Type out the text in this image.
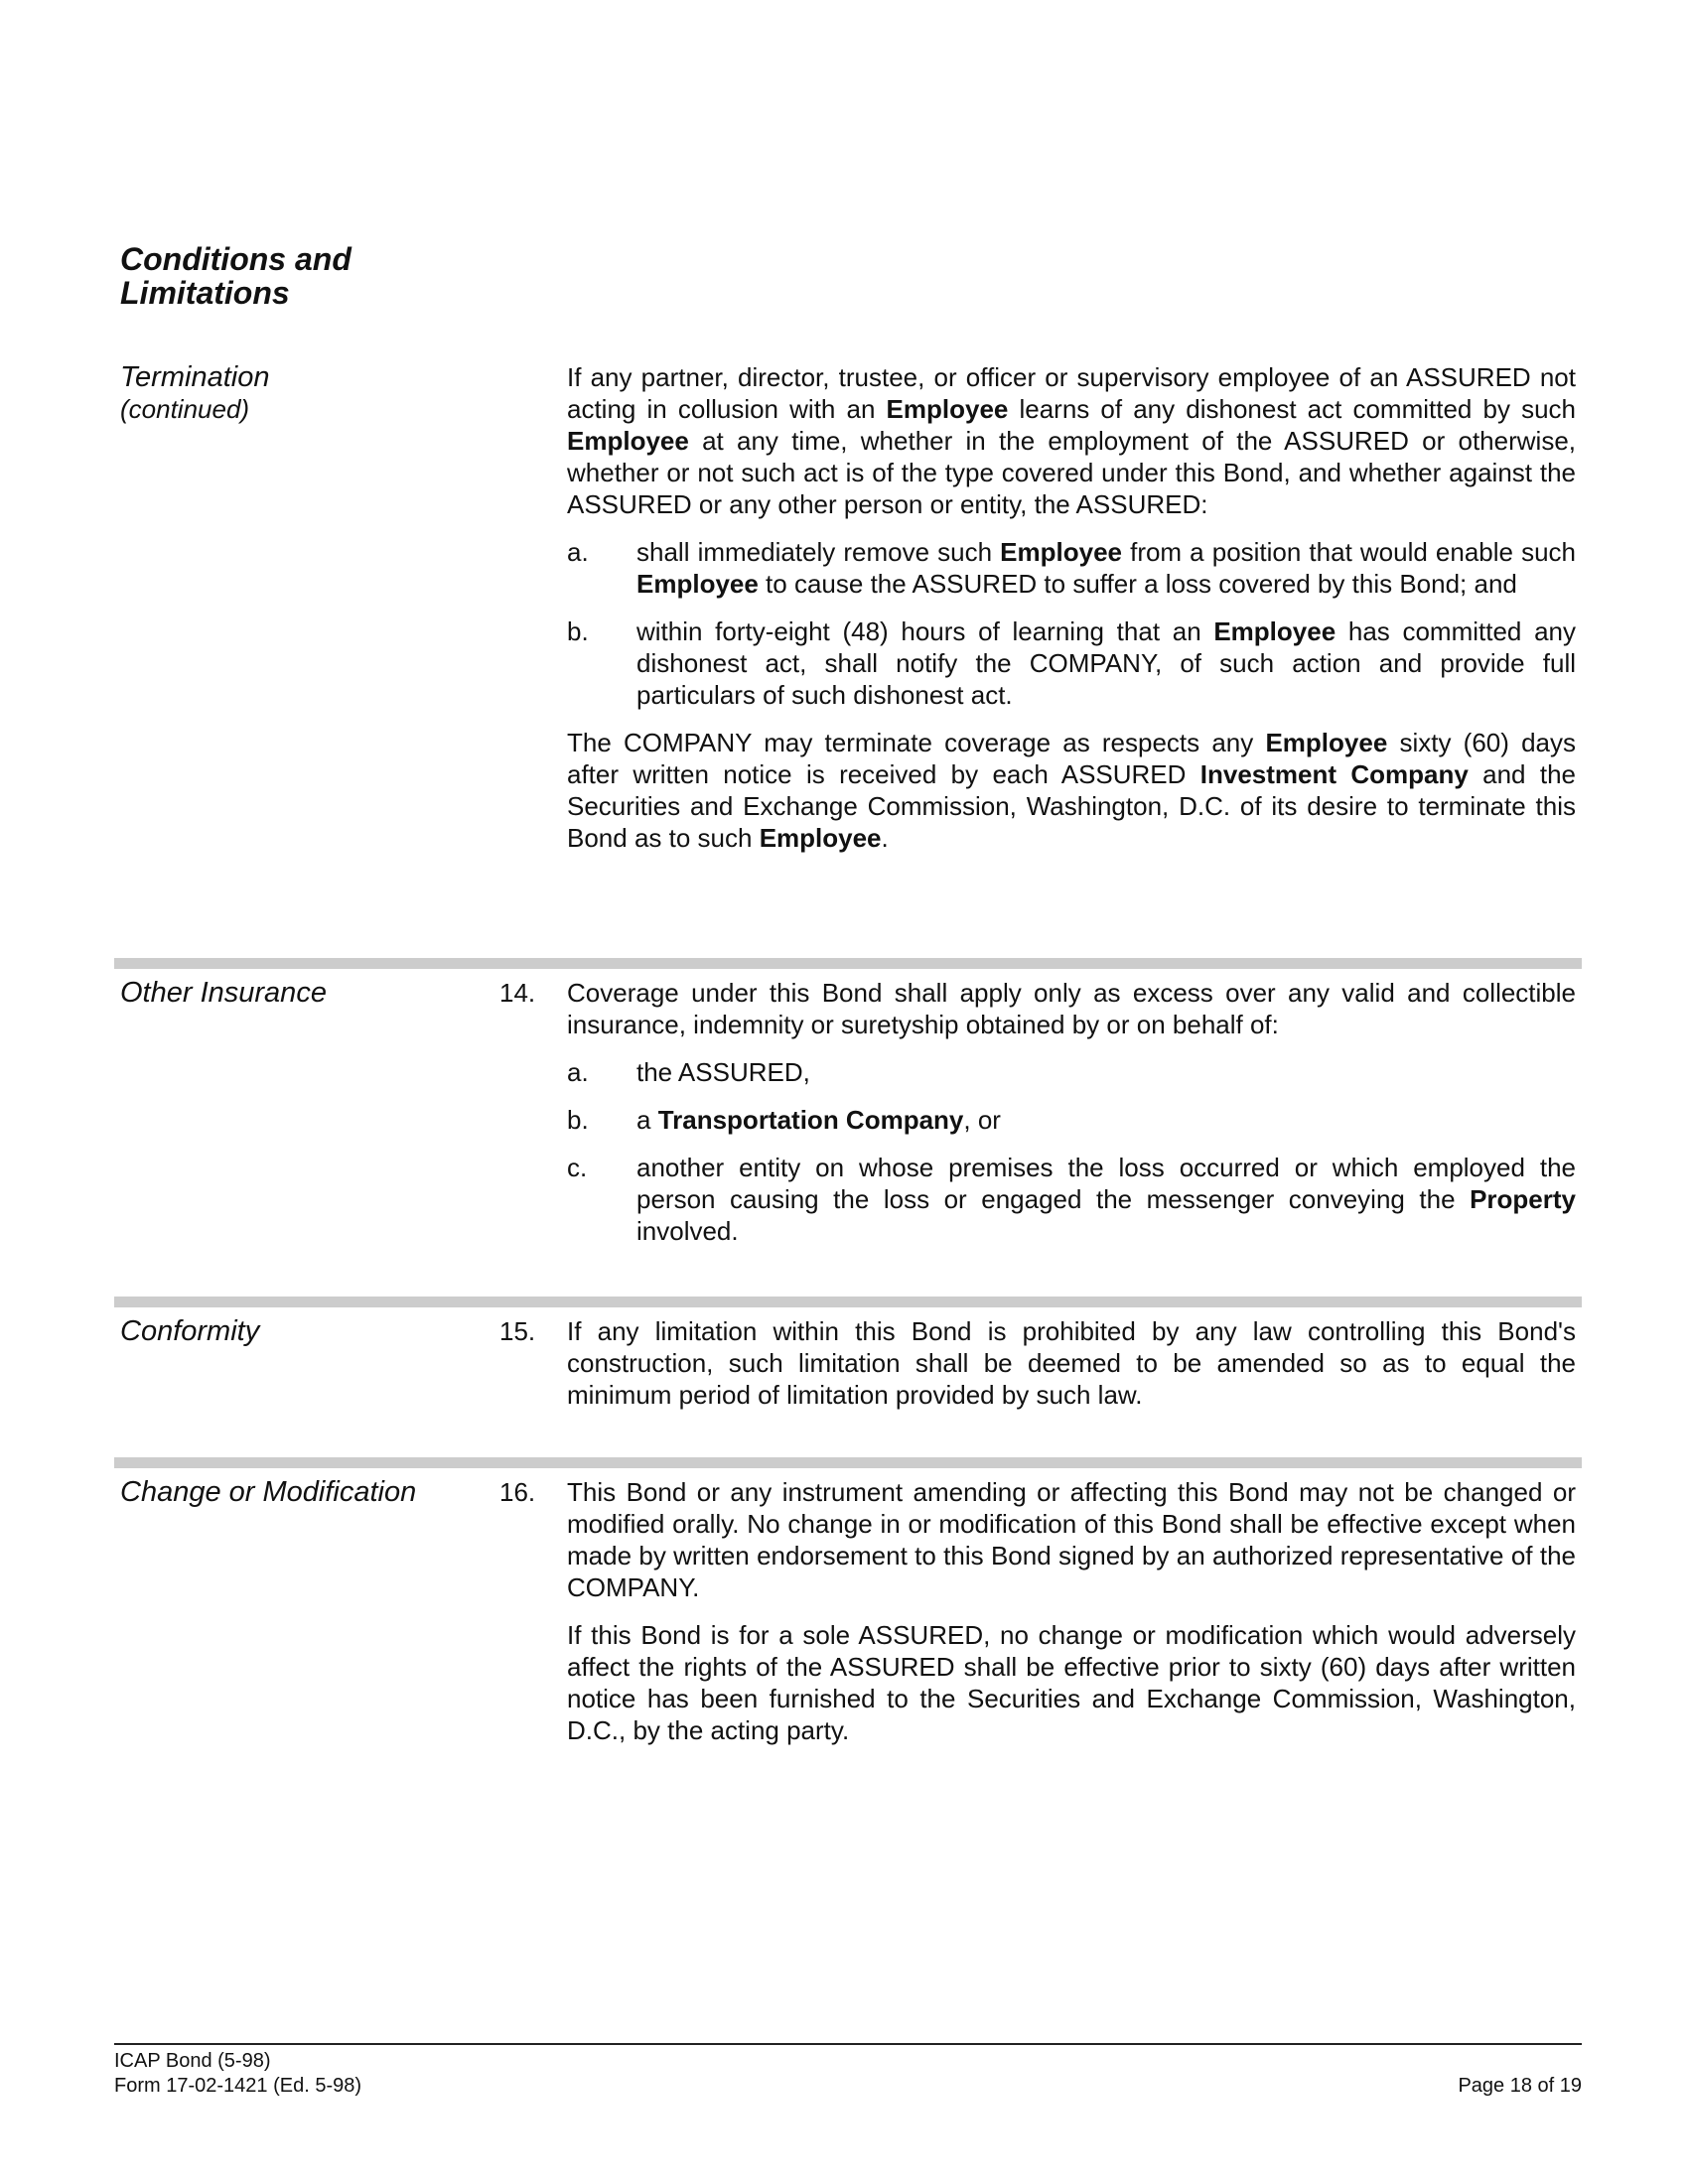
Conditions and
Limitations
Termination
(continued)

If any partner, director, trustee, or officer or supervisory employee of an ASSURED not acting in collusion with an Employee learns of any dishonest act committed by such Employee at any time, whether in the employment of the ASSURED or otherwise, whether or not such act is of the type covered under this Bond, and whether against the ASSURED or any other person or entity, the ASSURED:

a. shall immediately remove such Employee from a position that would enable such Employee to cause the ASSURED to suffer a loss covered by this Bond; and
b. within forty-eight (48) hours of learning that an Employee has committed any dishonest act, shall notify the COMPANY, of such action and provide full particulars of such dishonest act.

The COMPANY may terminate coverage as respects any Employee sixty (60) days after written notice is received by each ASSURED Investment Company and the Securities and Exchange Commission, Washington, D.C. of its desire to terminate this Bond as to such Employee.

Other Insurance	14.	Coverage under this Bond shall apply only as excess over any valid and collectible insurance, indemnity or suretyship obtained by or on behalf of:

a. the ASSURED,
b. a Transportation Company, or
c. another entity on whose premises the loss occurred or which employed the person causing the loss or engaged the messenger conveying the Property involved.
Conformity	15.	If any limitation within this Bond is prohibited by any law controlling this Bond's construction, such limitation shall be deemed to be amended so as to equal the minimum period of limitation provided by such law.

Change or Modification	16.	This Bond or any instrument amending or affecting this Bond may not be changed or modified orally. No change in or modification of this Bond shall be effective except when made by written endorsement to this Bond signed by an authorized representative of the COMPANY.

If this Bond is for a sole ASSURED, no change or modification which would adversely affect the rights of the ASSURED shall be effective prior to sixty (60) days after written notice has been furnished to the Securities and Exchange Commission, Washington, D.C., by the acting party.

ICAP Bond (5-98)
Form 17-02-1421 (Ed. 5-98)	Page 18 of 19
